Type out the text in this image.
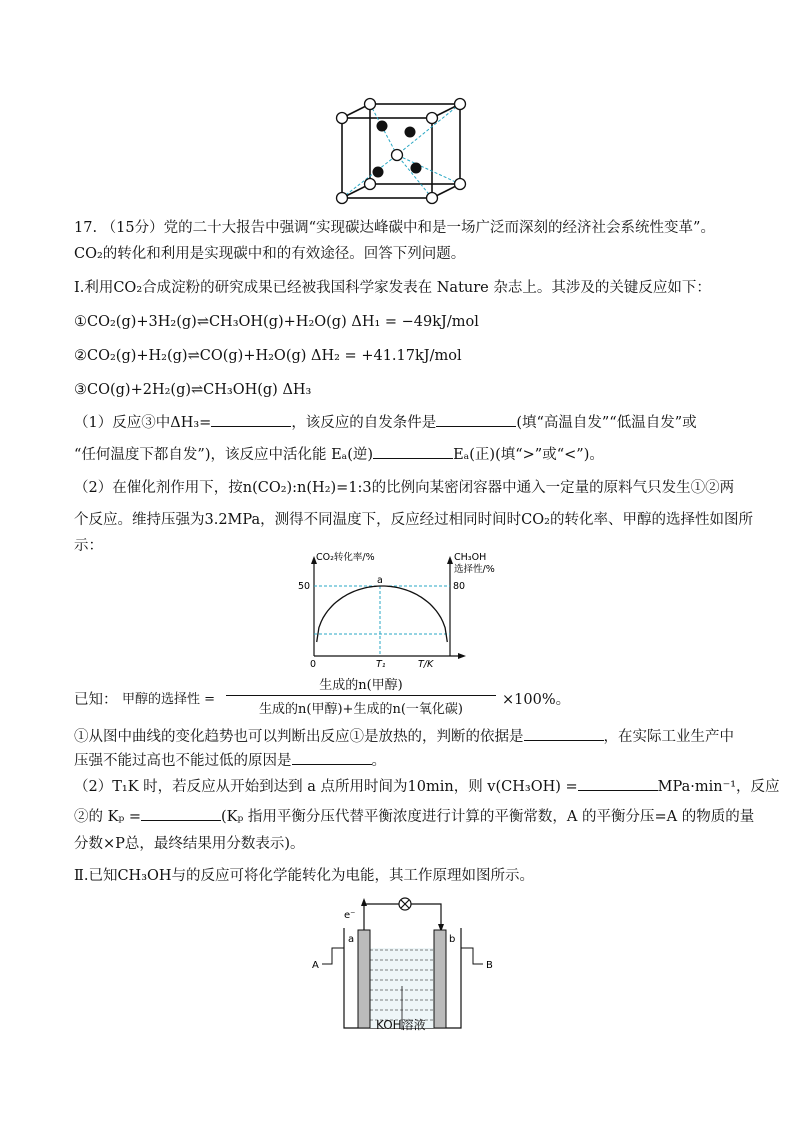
17. （15分）党的二十大报告中强调“实现碳达峰碳中和是一场广泛而深刻的经济社会系统性变革”。
CO₂的转化和利用是实现碳中和的有效途径。回答下列问题。
Ⅰ.利用CO₂合成淀粉的研究成果已经被我国科学家发表在 Nature 杂志上。其涉及的关键反应如下：
①CO₂(g)+3H₂(g)⇌CH₃OH(g)+H₂O(g) ΔH₁ = −49kJ/mol
②CO₂(g)+H₂(g)⇌CO(g)+H₂O(g) ΔH₂ = +41.17kJ/mol
③CO(g)+2H₂(g)⇌CH₃OH(g) ΔH₃
（1）反应③中ΔH₃=	，该反应的自发条件是	(填“高温自发”“低温自发”或
“任何温度下都自发”)，该反应中活化能 Eₐ(逆)	Eₐ(正)(填“>”或“<”)。
（2）在催化剂作用下，按n(CO₂):n(H₂)=1:3的比例向某密闭容器中通入一定量的原料气只发生①②两
个反应。维持压强为3.2MPa，测得不同温度下，反应经过相同时间时CO₂的转化率、甲醇的选择性如图所
示：
CO₂转化率/%	CH₃OH
选择性/%
50	80
0	T₁	T/K
a
已知： 甲醇的选择性 =
生成的n(甲醇)
生成的n(甲醇)+生成的n(一氧化碳)
×100%。
①从图中曲线的变化趋势也可以判断出反应①是放热的，判断的依据是	，在实际工业生产中
压强不能过高也不能过低的原因是	。
（2）T₁K 时，若反应从开始到达到 a 点所用时间为10min，则 v(CH₃OH) =	MPa·min⁻¹，反应
②的 Kₚ =	(Kₚ 指用平衡分压代替平衡浓度进行计算的平衡常数，A 的平衡分压=A 的物质的量
分数×P总，最终结果用分数表示)。
Ⅱ.已知CH₃OH与的反应可将化学能转化为电能，其工作原理如图所示。
e⁻
a	b
A	B
KOH溶液
